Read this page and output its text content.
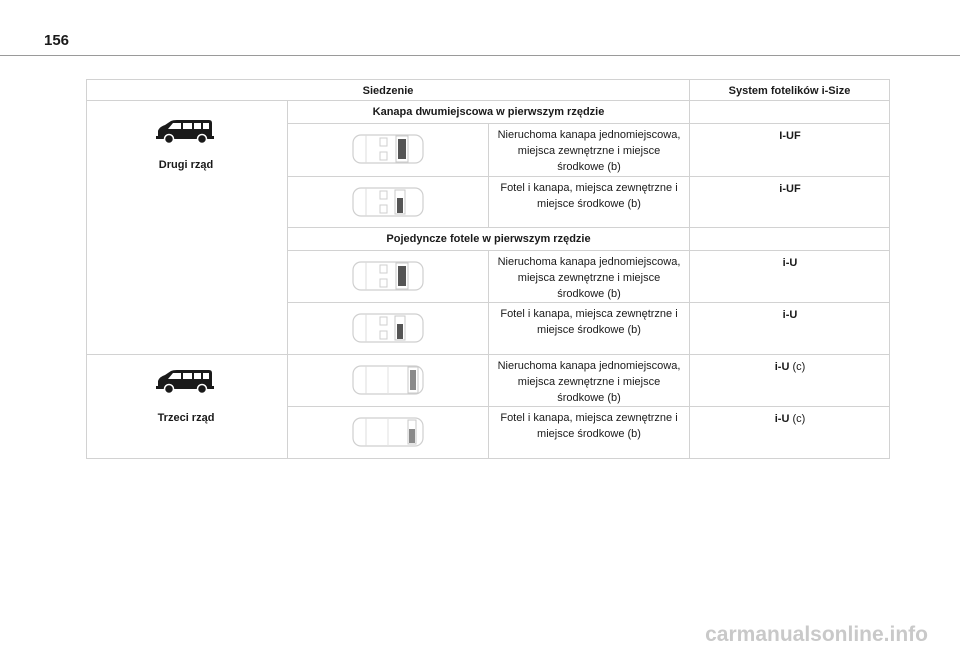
156
Siedzenie	System fotelików i-Size
Kanapa dwumiejscowa w pierwszym rzędzie
Pojedyncze fotele w pierwszym rzędzie
Drugi rząd
Trzeci rząd
Nieruchoma kanapa jednomiejscowa, miejsca zewnętrzne i miejsce środkowe (b)
Fotel i kanapa, miejsca zewnętrzne i miejsce środkowe (b)
Nieruchoma kanapa jednomiejscowa, miejsca zewnętrzne i miejsce środkowe (b)
Fotel i kanapa, miejsca zewnętrzne i miejsce środkowe (b)
Nieruchoma kanapa jednomiejscowa, miejsca zewnętrzne i miejsce środkowe (b)
Fotel i kanapa, miejsca zewnętrzne i miejsce środkowe (b)
I-UF
i-UF
i-U
i-U
i-U (c)
i-U (c)
carmanualsonline.info
